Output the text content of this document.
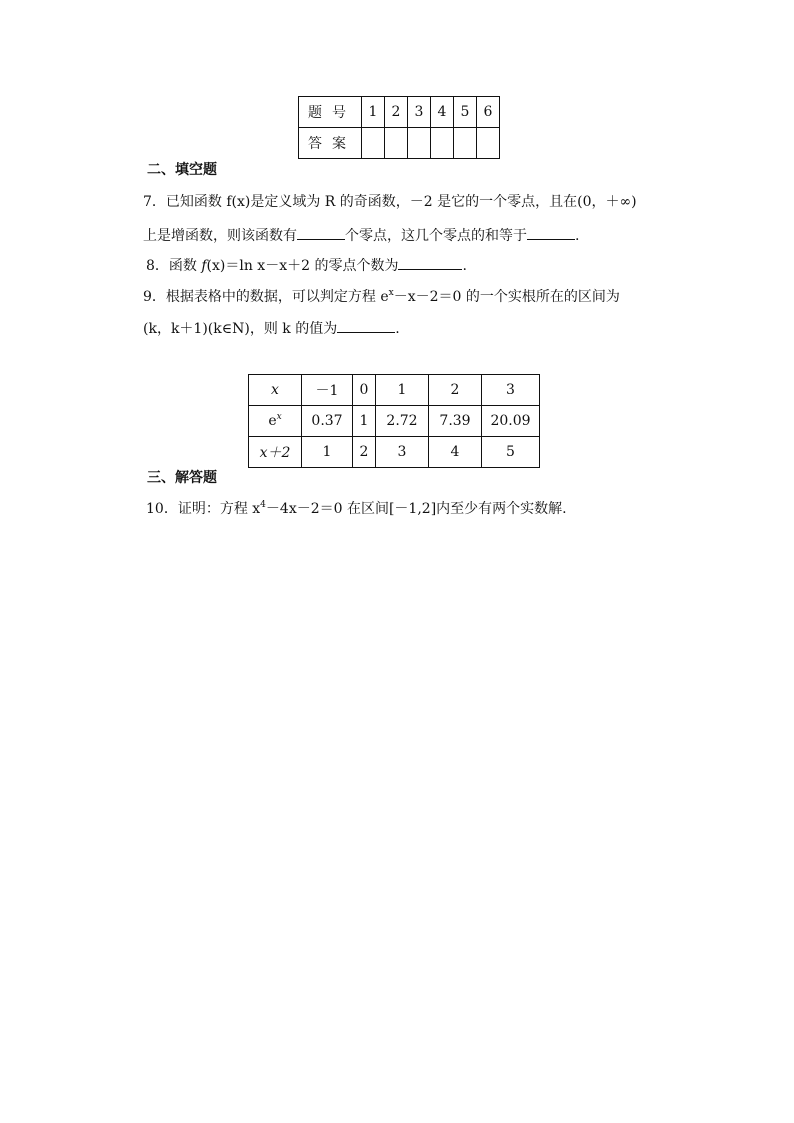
题号	1	2	3	4	5	6
答案						
二、填空题
7．已知函数 f(x)是定义域为 R 的奇函数，－2 是它的一个零点，且在(0，＋∞)
上是增函数，则该函数有	个零点，这几个零点的和等于	.
8．函数 f(x)＝ln x－x＋2 的零点个数为	.
9．根据表格中的数据，可以判定方程 $e^x-x-2=0$ 的一个实根所在的区间为
(k，k＋1)(k∈N)，则 k 的值为	.
x	－1	0	1	2	3
$e^x$	0.37	1	2.72	7.39	20.09
x＋2	1	2	3	4	5
三、解答题
10．证明：方程 $x^4-4x-2=0$ 在区间[－1,2]内至少有两个实数解.
